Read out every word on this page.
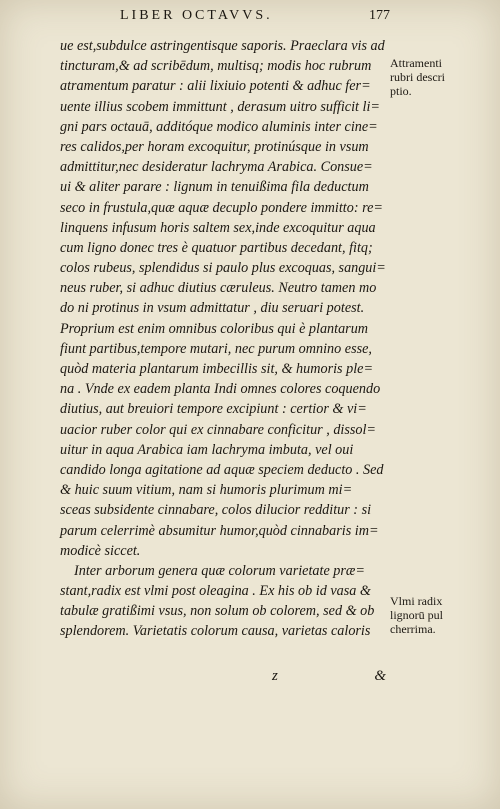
LIBER OCTAVVS.	177
ue est,subdulce astringentisque saporis. Praeclara vis ad
tincturam,& ad scribēdum, multisq; modis hoc rubrum
atramentum paratur : alii lixiuio potenti & adhuc fer=
uente illius scobem immittunt , derasum uitro sufficit li=
gni pars octauā, additóque modico aluminis inter cine=
res calidos,per horam excoquitur, protinúsque in vsum
admittitur,nec desideratur lachryma Arabica. Consue=
ui & aliter parare : lignum in tenuißima fila deductum
seco in frustula,quæ aquæ decuplo pondere immitto: re=
linquens infusum horis saltem sex,inde excoquitur aqua
cum ligno donec tres è quatuor partibus decedant, fitq;
colos rubeus, splendidus si paulo plus excoquas, sangui=
neus ruber, si adhuc diutius cæruleus. Neutro tamen mo
do ni protinus in vsum admittatur , diu seruari potest.
Proprium est enim omnibus coloribus qui è plantarum
fiunt partibus,tempore mutari, nec purum omnino esse,
quòd materia plantarum imbecillis sit, & humoris ple=
na . Vnde ex eadem planta Indi omnes colores coquendo
diutius, aut breuiori tempore excipiunt : certior & vi=
uacior ruber color qui ex cinnabare conficitur , dissol=
uitur in aqua Arabica iam lachryma imbuta, vel oui
candido longa agitatione ad aquæ speciem deducto . Sed
& huic suum vitium, nam si humoris plurimum mi=
sceas subsidente cinnabare, colos dilucior redditur : si
parum celerrimè absumitur humor,quòd cinnabaris im=
modicè siccet.
Inter arborum genera quæ colorum varietate præ=
stant,radix est vlmi post oleagina . Ex his ob id vasa &
tabulæ gratißimi vsus, non solum ob colorem, sed & ob
splendorem. Varietatis colorum causa, varietas caloris
Attramenti
rubri descri
ptio.
Vlmi radix
lignorū pul
cherrima.
z	&
